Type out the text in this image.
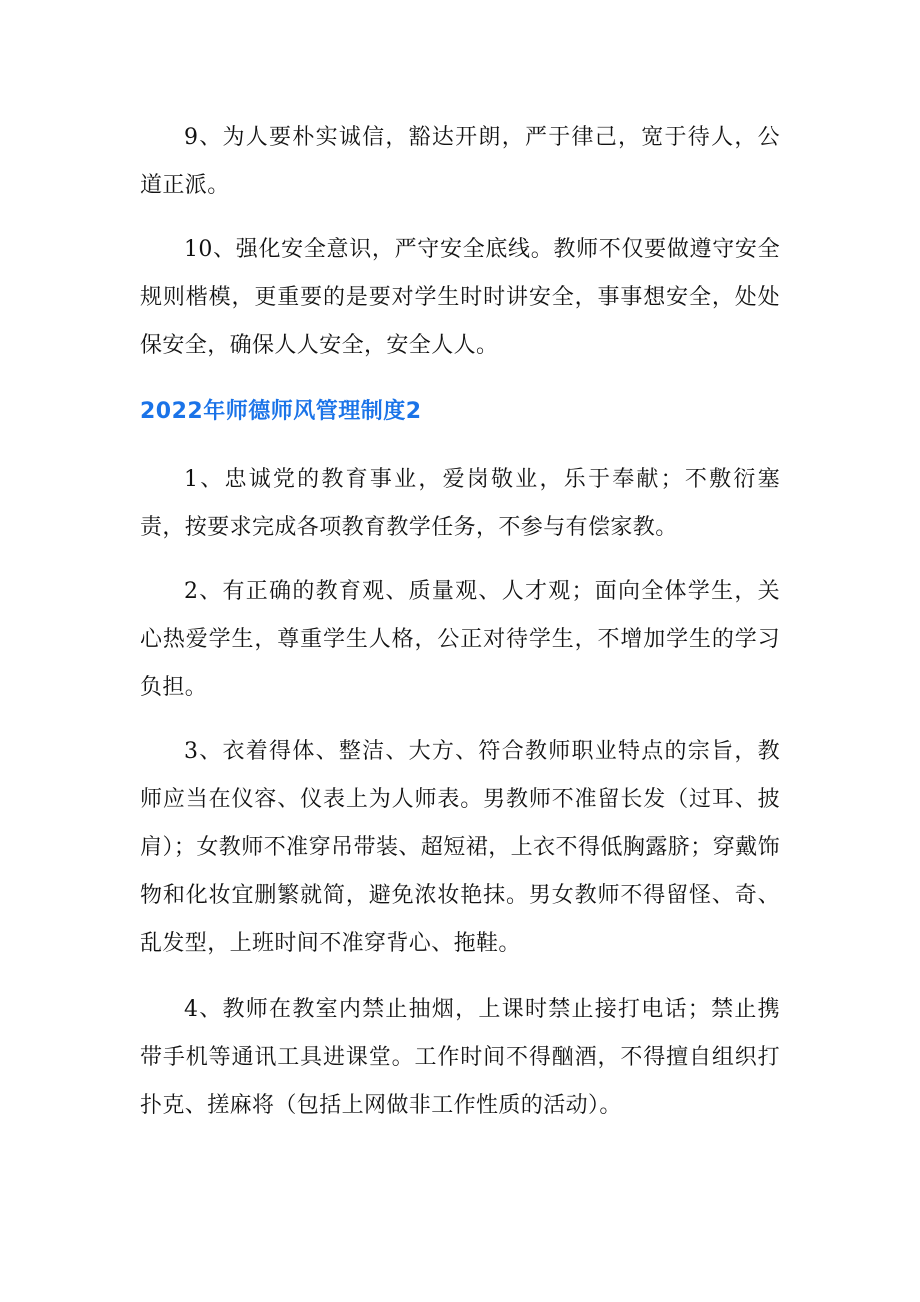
9、为人要朴实诚信，豁达开朗，严于律己，宽于待人，公道正派。

10、强化安全意识，严守安全底线。教师不仅要做遵守安全规则楷模，更重要的是要对学生时时讲安全，事事想安全，处处保安全，确保人人安全，安全人人。

2022年师德师风管理制度2

1、忠诚党的教育事业，爱岗敬业，乐于奉献；不敷衍塞责，按要求完成各项教育教学任务，不参与有偿家教。

2、有正确的教育观、质量观、人才观；面向全体学生，关心热爱学生，尊重学生人格，公正对待学生，不增加学生的学习负担。

3、衣着得体、整洁、大方、符合教师职业特点的宗旨，教师应当在仪容、仪表上为人师表。男教师不准留长发（过耳、披肩）；女教师不准穿吊带装、超短裙，上衣不得低胸露脐；穿戴饰物和化妆宜删繁就简，避免浓妆艳抹。男女教师不得留怪、奇、乱发型，上班时间不准穿背心、拖鞋。

4、教师在教室内禁止抽烟，上课时禁止接打电话；禁止携带手机等通讯工具进课堂。工作时间不得酗酒，不得擅自组织打扑克、搓麻将（包括上网做非工作性质的活动）。
